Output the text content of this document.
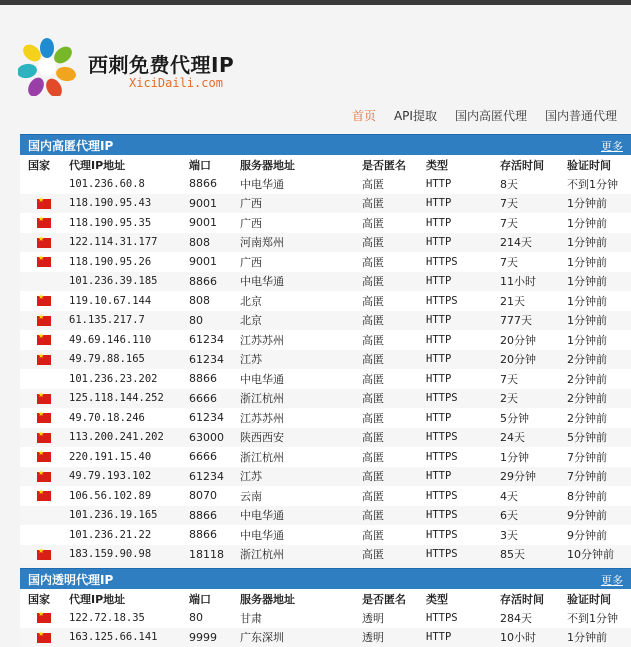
西刺免费代理IP
XiciDaili.com
首页 API提取 国内高匿代理 国内普通代理
国内高匿代理IP	更多
国家	代理IP地址	端口	服务器地址	是否匿名	类型	存活时间	验证时间
	101.236.60.8	8866	中电华通	高匿	HTTP	8天	不到1分钟
★	118.190.95.43	9001	广西	高匿	HTTP	7天	1分钟前
★	118.190.95.35	9001	广西	高匿	HTTP	7天	1分钟前
★	122.114.31.177	808	河南郑州	高匿	HTTP	214天	1分钟前
★	118.190.95.26	9001	广西	高匿	HTTPS	7天	1分钟前
	101.236.39.185	8866	中电华通	高匿	HTTP	11小时	1分钟前
★	119.10.67.144	808	北京	高匿	HTTPS	21天	1分钟前
★	61.135.217.7	80	北京	高匿	HTTP	777天	1分钟前
★	49.69.146.110	61234	江苏苏州	高匿	HTTP	20分钟	1分钟前
★	49.79.88.165	61234	江苏	高匿	HTTP	20分钟	2分钟前
	101.236.23.202	8866	中电华通	高匿	HTTP	7天	2分钟前
★	125.118.144.252	6666	浙江杭州	高匿	HTTPS	2天	2分钟前
★	49.70.18.246	61234	江苏苏州	高匿	HTTP	5分钟	2分钟前
★	113.200.241.202	63000	陕西西安	高匿	HTTPS	24天	5分钟前
★	220.191.15.40	6666	浙江杭州	高匿	HTTPS	1分钟	7分钟前
★	49.79.193.102	61234	江苏	高匿	HTTP	29分钟	7分钟前
★	106.56.102.89	8070	云南	高匿	HTTPS	4天	8分钟前
	101.236.19.165	8866	中电华通	高匿	HTTPS	6天	9分钟前
	101.236.21.22	8866	中电华通	高匿	HTTPS	3天	9分钟前
★	183.159.90.98	18118	浙江杭州	高匿	HTTPS	85天	10分钟前
国内透明代理IP	更多
国家	代理IP地址	端口	服务器地址	是否匿名	类型	存活时间	验证时间
★	122.72.18.35	80	甘肃	透明	HTTPS	284天	不到1分钟
★	163.125.66.141	9999	广东深圳	透明	HTTP	10小时	1分钟前
